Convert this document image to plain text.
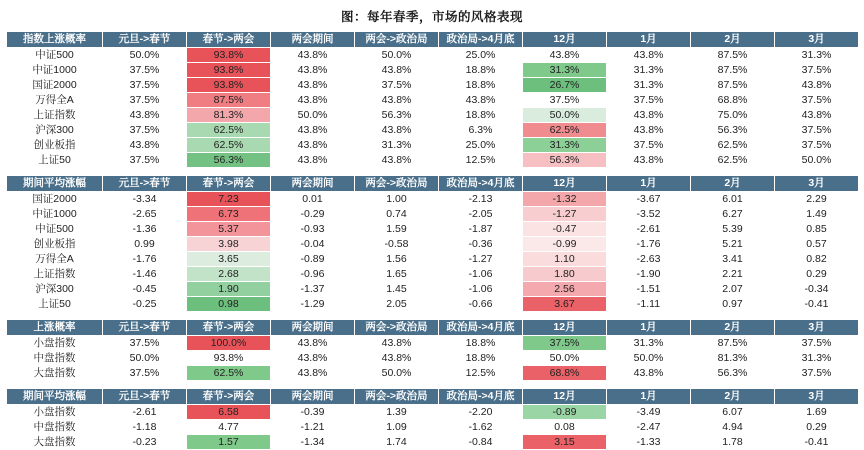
图：每年春季，市场的风格表现
指数上涨概率	元旦->春节	春节->两会	两会期间	两会->政治局	政治局->4月底	12月	1月	2月	3月
中证500	50.0%	93.8%	43.8%	50.0%	25.0%	43.8%	43.8%	87.5%	31.3%
中证1000	37.5%	93.8%	43.8%	43.8%	18.8%	31.3%	31.3%	87.5%	37.5%
国证2000	37.5%	93.8%	43.8%	37.5%	18.8%	26.7%	31.3%	87.5%	43.8%
万得全A	37.5%	87.5%	43.8%	43.8%	43.8%	37.5%	37.5%	68.8%	37.5%
上证指数	43.8%	81.3%	50.0%	56.3%	18.8%	50.0%	43.8%	75.0%	43.8%
沪深300	37.5%	62.5%	43.8%	43.8%	6.3%	62.5%	43.8%	56.3%	37.5%
创业板指	43.8%	62.5%	43.8%	31.3%	25.0%	31.3%	37.5%	62.5%	37.5%
上证50	37.5%	56.3%	43.8%	43.8%	12.5%	56.3%	43.8%	62.5%	50.0%
期间平均涨幅	元旦->春节	春节->两会	两会期间	两会->政治局	政治局->4月底	12月	1月	2月	3月
国证2000	-3.34	7.23	0.01	1.00	-2.13	-1.32	-3.67	6.01	2.29
中证1000	-2.65	6.73	-0.29	0.74	-2.05	-1.27	-3.52	6.27	1.49
中证500	-1.36	5.37	-0.93	1.59	-1.87	-0.47	-2.61	5.39	0.85
创业板指	0.99	3.98	-0.04	-0.58	-0.36	-0.99	-1.76	5.21	0.57
万得全A	-1.76	3.65	-0.89	1.56	-1.27	1.10	-2.63	3.41	0.82
上证指数	-1.46	2.68	-0.96	1.65	-1.06	1.80	-1.90	2.21	0.29
沪深300	-0.45	1.90	-1.37	1.45	-1.06	2.56	-1.51	2.07	-0.34
上证50	-0.25	0.98	-1.29	2.05	-0.66	3.67	-1.11	0.97	-0.41
上涨概率	元旦->春节	春节->两会	两会期间	两会->政治局	政治局->4月底	12月	1月	2月	3月
小盘指数	37.5%	100.0%	43.8%	43.8%	18.8%	37.5%	31.3%	87.5%	37.5%
中盘指数	50.0%	93.8%	43.8%	43.8%	18.8%	50.0%	50.0%	81.3%	31.3%
大盘指数	37.5%	62.5%	43.8%	50.0%	12.5%	68.8%	43.8%	56.3%	37.5%
期间平均涨幅	元旦->春节	春节->两会	两会期间	两会->政治局	政治局->4月底	12月	1月	2月	3月
小盘指数	-2.61	6.58	-0.39	1.39	-2.20	-0.89	-3.49	6.07	1.69
中盘指数	-1.18	4.77	-1.21	1.09	-1.62	0.08	-2.47	4.94	0.29
大盘指数	-0.23	1.57	-1.34	1.74	-0.84	3.15	-1.33	1.78	-0.41
